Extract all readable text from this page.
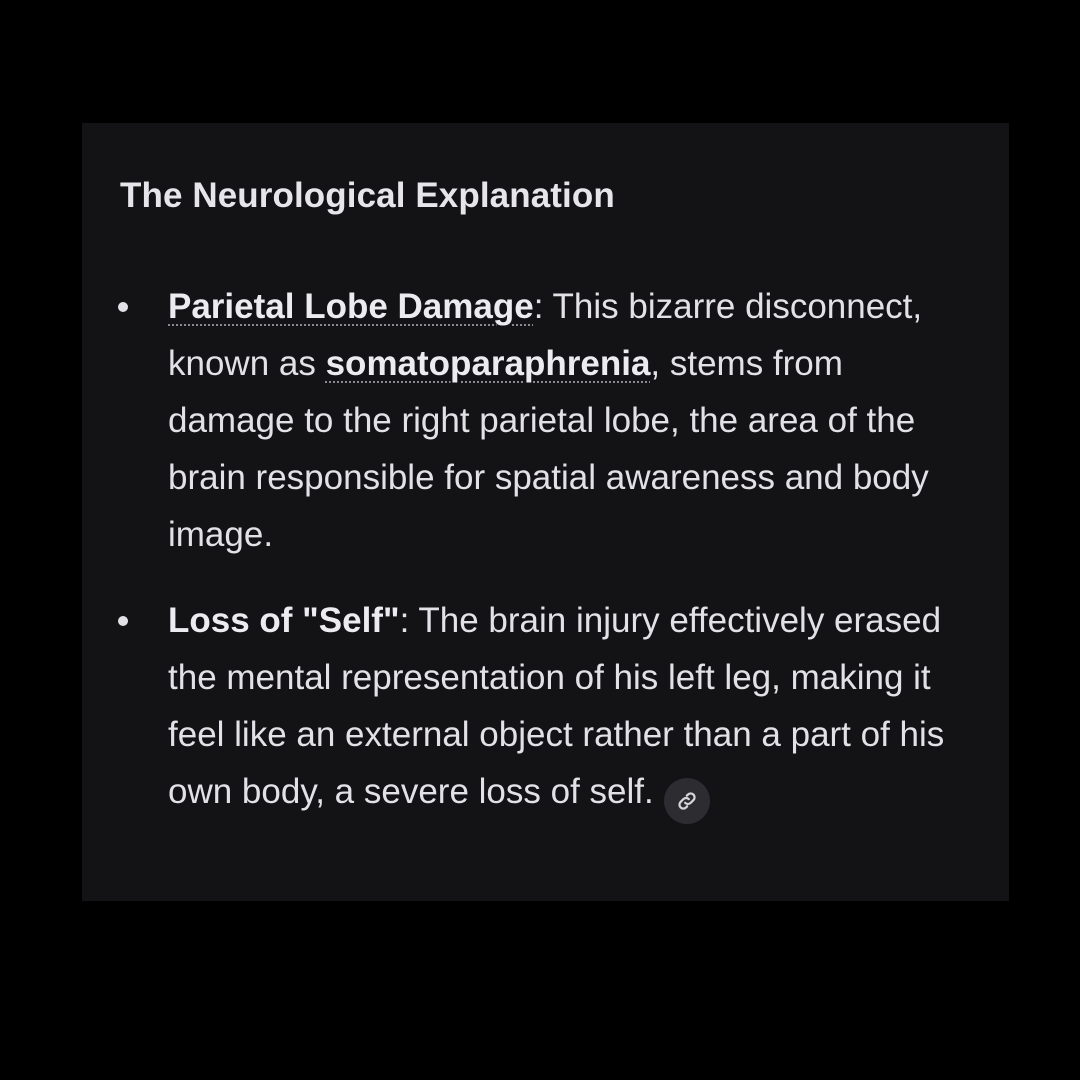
The Neurological Explanation
Parietal Lobe Damage: This bizarre disconnect, known as somatoparaphrenia, stems from damage to the right parietal lobe, the area of the brain responsible for spatial awareness and body image.
Loss of "Self": The brain injury effectively erased the mental representation of his left leg, making it feel like an external object rather than a part of his own body, a severe loss of self.
